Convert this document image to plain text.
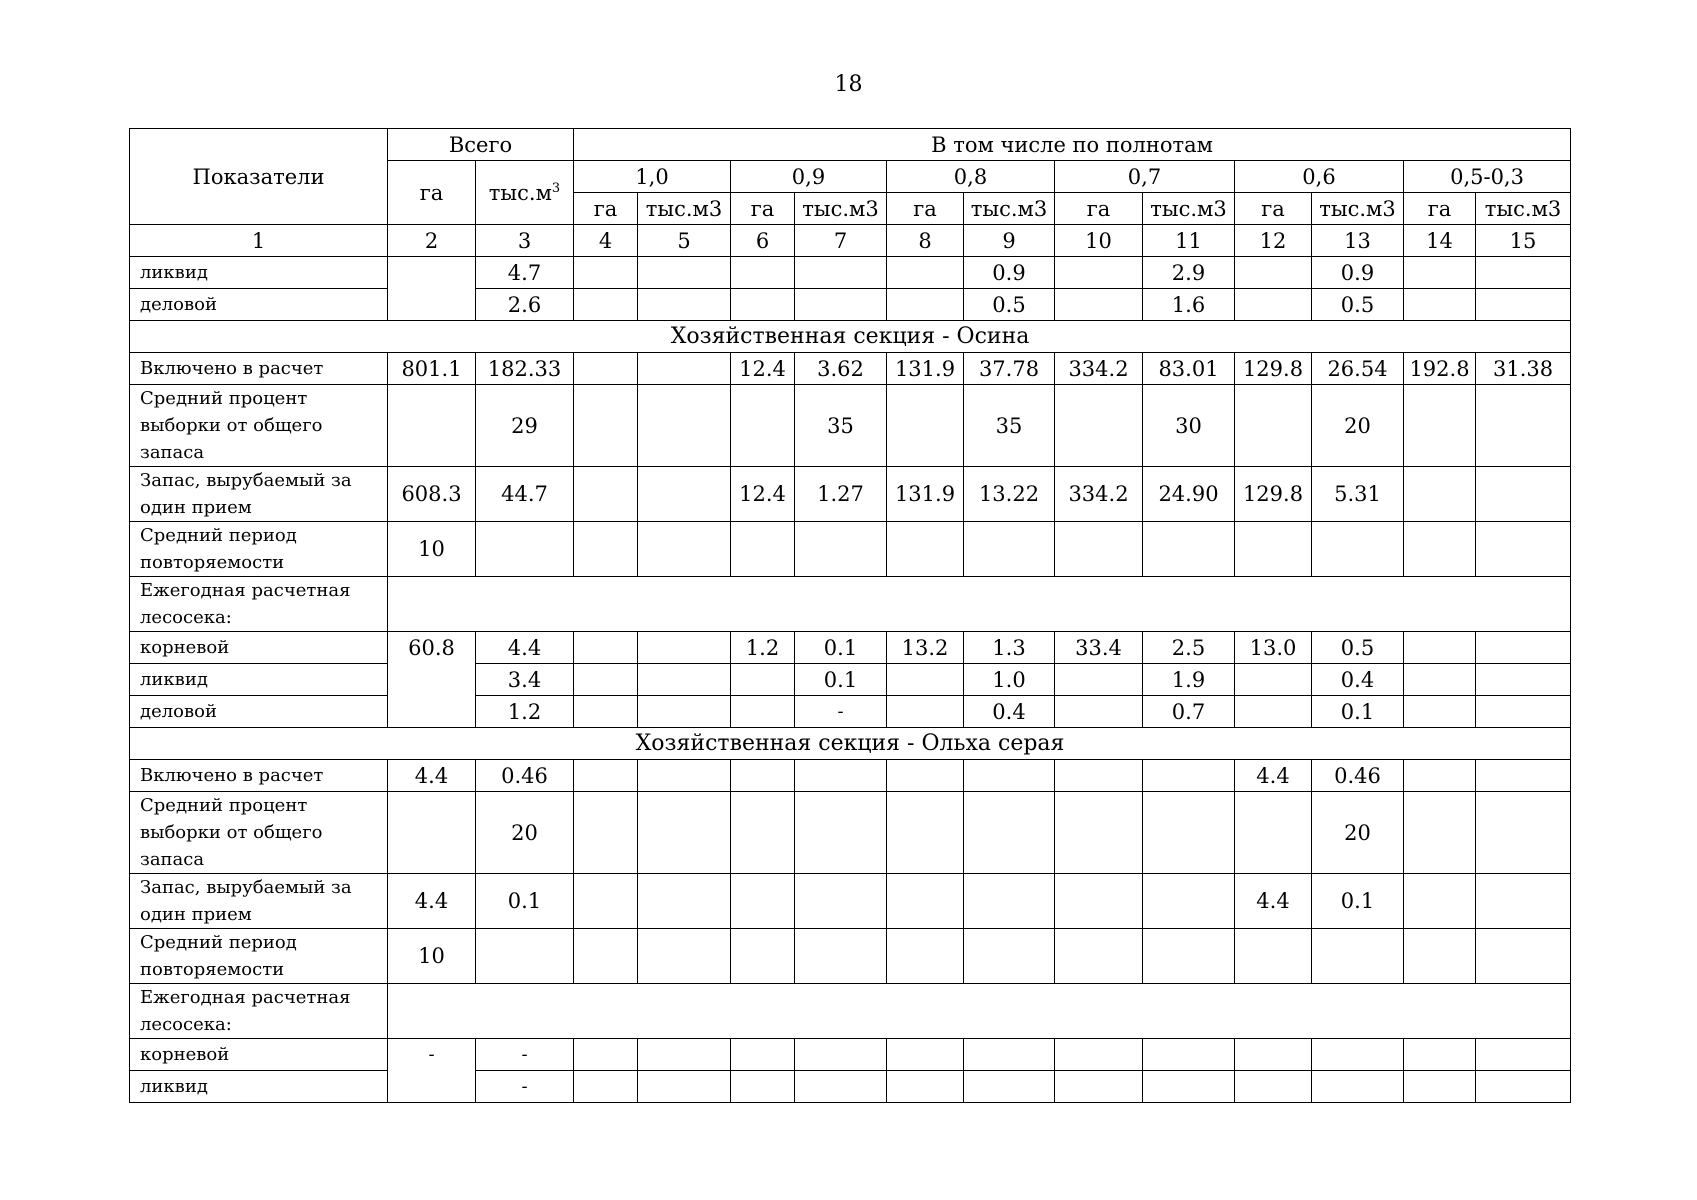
18
Показатели	Всего		В том числе по полнотам											
	га	$тыс.м^3$	1,0		0,9		0,8		0,7		0,6		0,5-0,3	
			га	тыс.м3	га	тыс.м3	га	тыс.м3	га	тыс.м3	га	тыс.м3	га	тыс.м3
1	2	3	4	5	6	7	8	9	10	11	12	13	14	15
ликвид		4.7						0.9		2.9		0.9		
деловой		2.6						0.5		1.6		0.5		
Хозяйственная секция - Осина														
Включено в расчет	801.1	182.33			12.4	3.62	131.9	37.78	334.2	83.01	129.8	26.54	192.8	31.38
Средний процент выборки от общего запаса		29				35		35		30		20		
Запас, вырубаемый за один прием	608.3	44.7			12.4	1.27	131.9	13.22	334.2	24.90	129.8	5.31		
Средний период повторяемости	10													
Ежегодная расчетная лесосека:														
корневой	60.8	4.4			1.2	0.1	13.2	1.3	33.4	2.5	13.0	0.5		
ликвид		3.4				0.1		1.0		1.9		0.4		
деловой		1.2				-		0.4		0.7		0.1		
Хозяйственная секция - Ольха серая														
Включено в расчет	4.4	0.46									4.4	0.46		
Средний процент выборки от общего запаса		20										20		
Запас, вырубаемый за один прием	4.4	0.1									4.4	0.1		
Средний период повторяемости	10													
Ежегодная расчетная лесосека:														
корневой	-	-												
ликвид		-												
